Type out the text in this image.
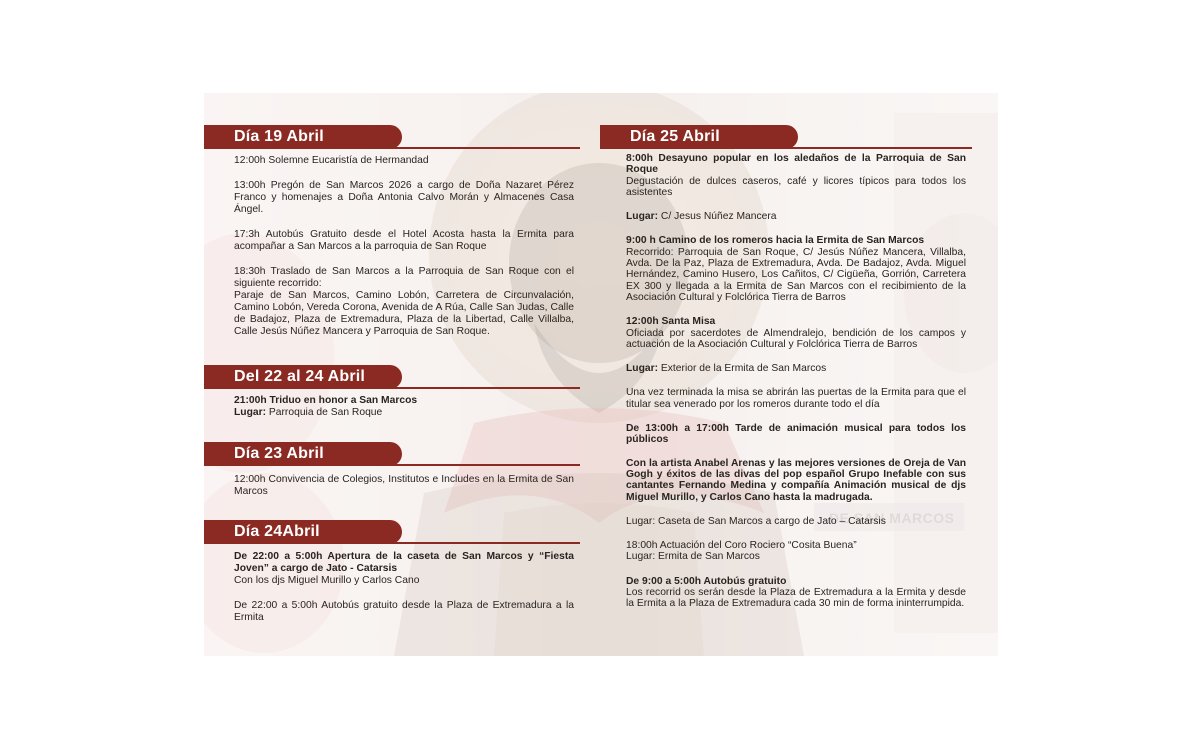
Día 19 Abril

12:00h Solemne Eucaristía de Hermandad

13:00h Pregón de San Marcos 2026 a cargo de Doña Nazaret Pérez Franco y homenajes a Doña Antonia Calvo Morán y Almacenes Casa Ángel.

17:3h Autobús Gratuito desde el Hotel Acosta hasta la Ermita para acompañar a San Marcos a la parroquia de San Roque

18:30h Traslado de San Marcos a la Parroquia de San Roque con el siguiente recorrido:

Paraje de San Marcos, Camino Lobón, Carretera de Circunvalación, Camino Lobón, Vereda Corona, Avenida de A Rúa, Calle San Judas, Calle de Badajoz, Plaza de Extremadura, Plaza de la Libertad, Calle Villalba, Calle Jesús Núñez Mancera y Parroquia de San Roque.

Del 22 al 24 Abril

21:00h Triduo en honor a San Marcos

Lugar: Parroquia de San Roque

Día 23 Abril

12:00h Convivencia de Colegios, Institutos e Includes en la Ermita de San Marcos

Día 24Abril

De 22:00 a 5:00h Apertura de la caseta de San Marcos y “Fiesta Joven” a cargo de Jato - Catarsis

Con los djs Miguel Murillo y Carlos Cano

De 22:00 a 5:00h Autobús gratuito desde la Plaza de Extremadura a la Ermita

Día 25 Abril

8:00h Desayuno popular en los aledaños de la Parroquia de San Roque

Degustación de dulces caseros, café y licores típicos para todos los asistentes

Lugar: C/ Jesus Núñez Mancera

9:00 h Camino de los romeros hacia la Ermita de San Marcos

Recorrido: Parroquia de San Roque, C/ Jesús Núñez Mancera, Villalba, Avda. De la Paz, Plaza de Extremadura, Avda. De Badajoz, Avda. Miguel Hernández, Camino Husero, Los Cañitos, C/ Cigüeña, Gorrión, Carretera EX 300 y llegada a la Ermita de San Marcos con el recibimiento de la Asociación Cultural y Folclórica Tierra de Barros

12:00h Santa Misa

Oficiada por sacerdotes de Almendralejo, bendición de los campos y actuación de la Asociación Cultural y Folclórica Tierra de Barros

Lugar: Exterior de la Ermita de San Marcos

Una vez terminada la misa se abrirán las puertas de la Ermita para que el titular sea venerado por los romeros durante todo el día

De 13:00h a 17:00h Tarde de animación musical para todos los públicos

Con la artista Anabel Arenas y las mejores versiones de Oreja de Van Gogh y éxitos de las divas del pop español Grupo Inefable con sus cantantes Fernando Medina y compañía Animación musical de djs Miguel Murillo, y Carlos Cano hasta la madrugada.

Lugar: Caseta de San Marcos a cargo de Jato – Catarsis

18:00h Actuación del Coro Rociero “Cosita Buena”

Lugar: Ermita de San Marcos

De 9:00 a 5:00h Autobús gratuito

Los recorrid os serán desde la Plaza de Extremadura a la Ermita y desde la Ermita a la Plaza de Extremadura cada 30 min de forma ininterrumpida.
